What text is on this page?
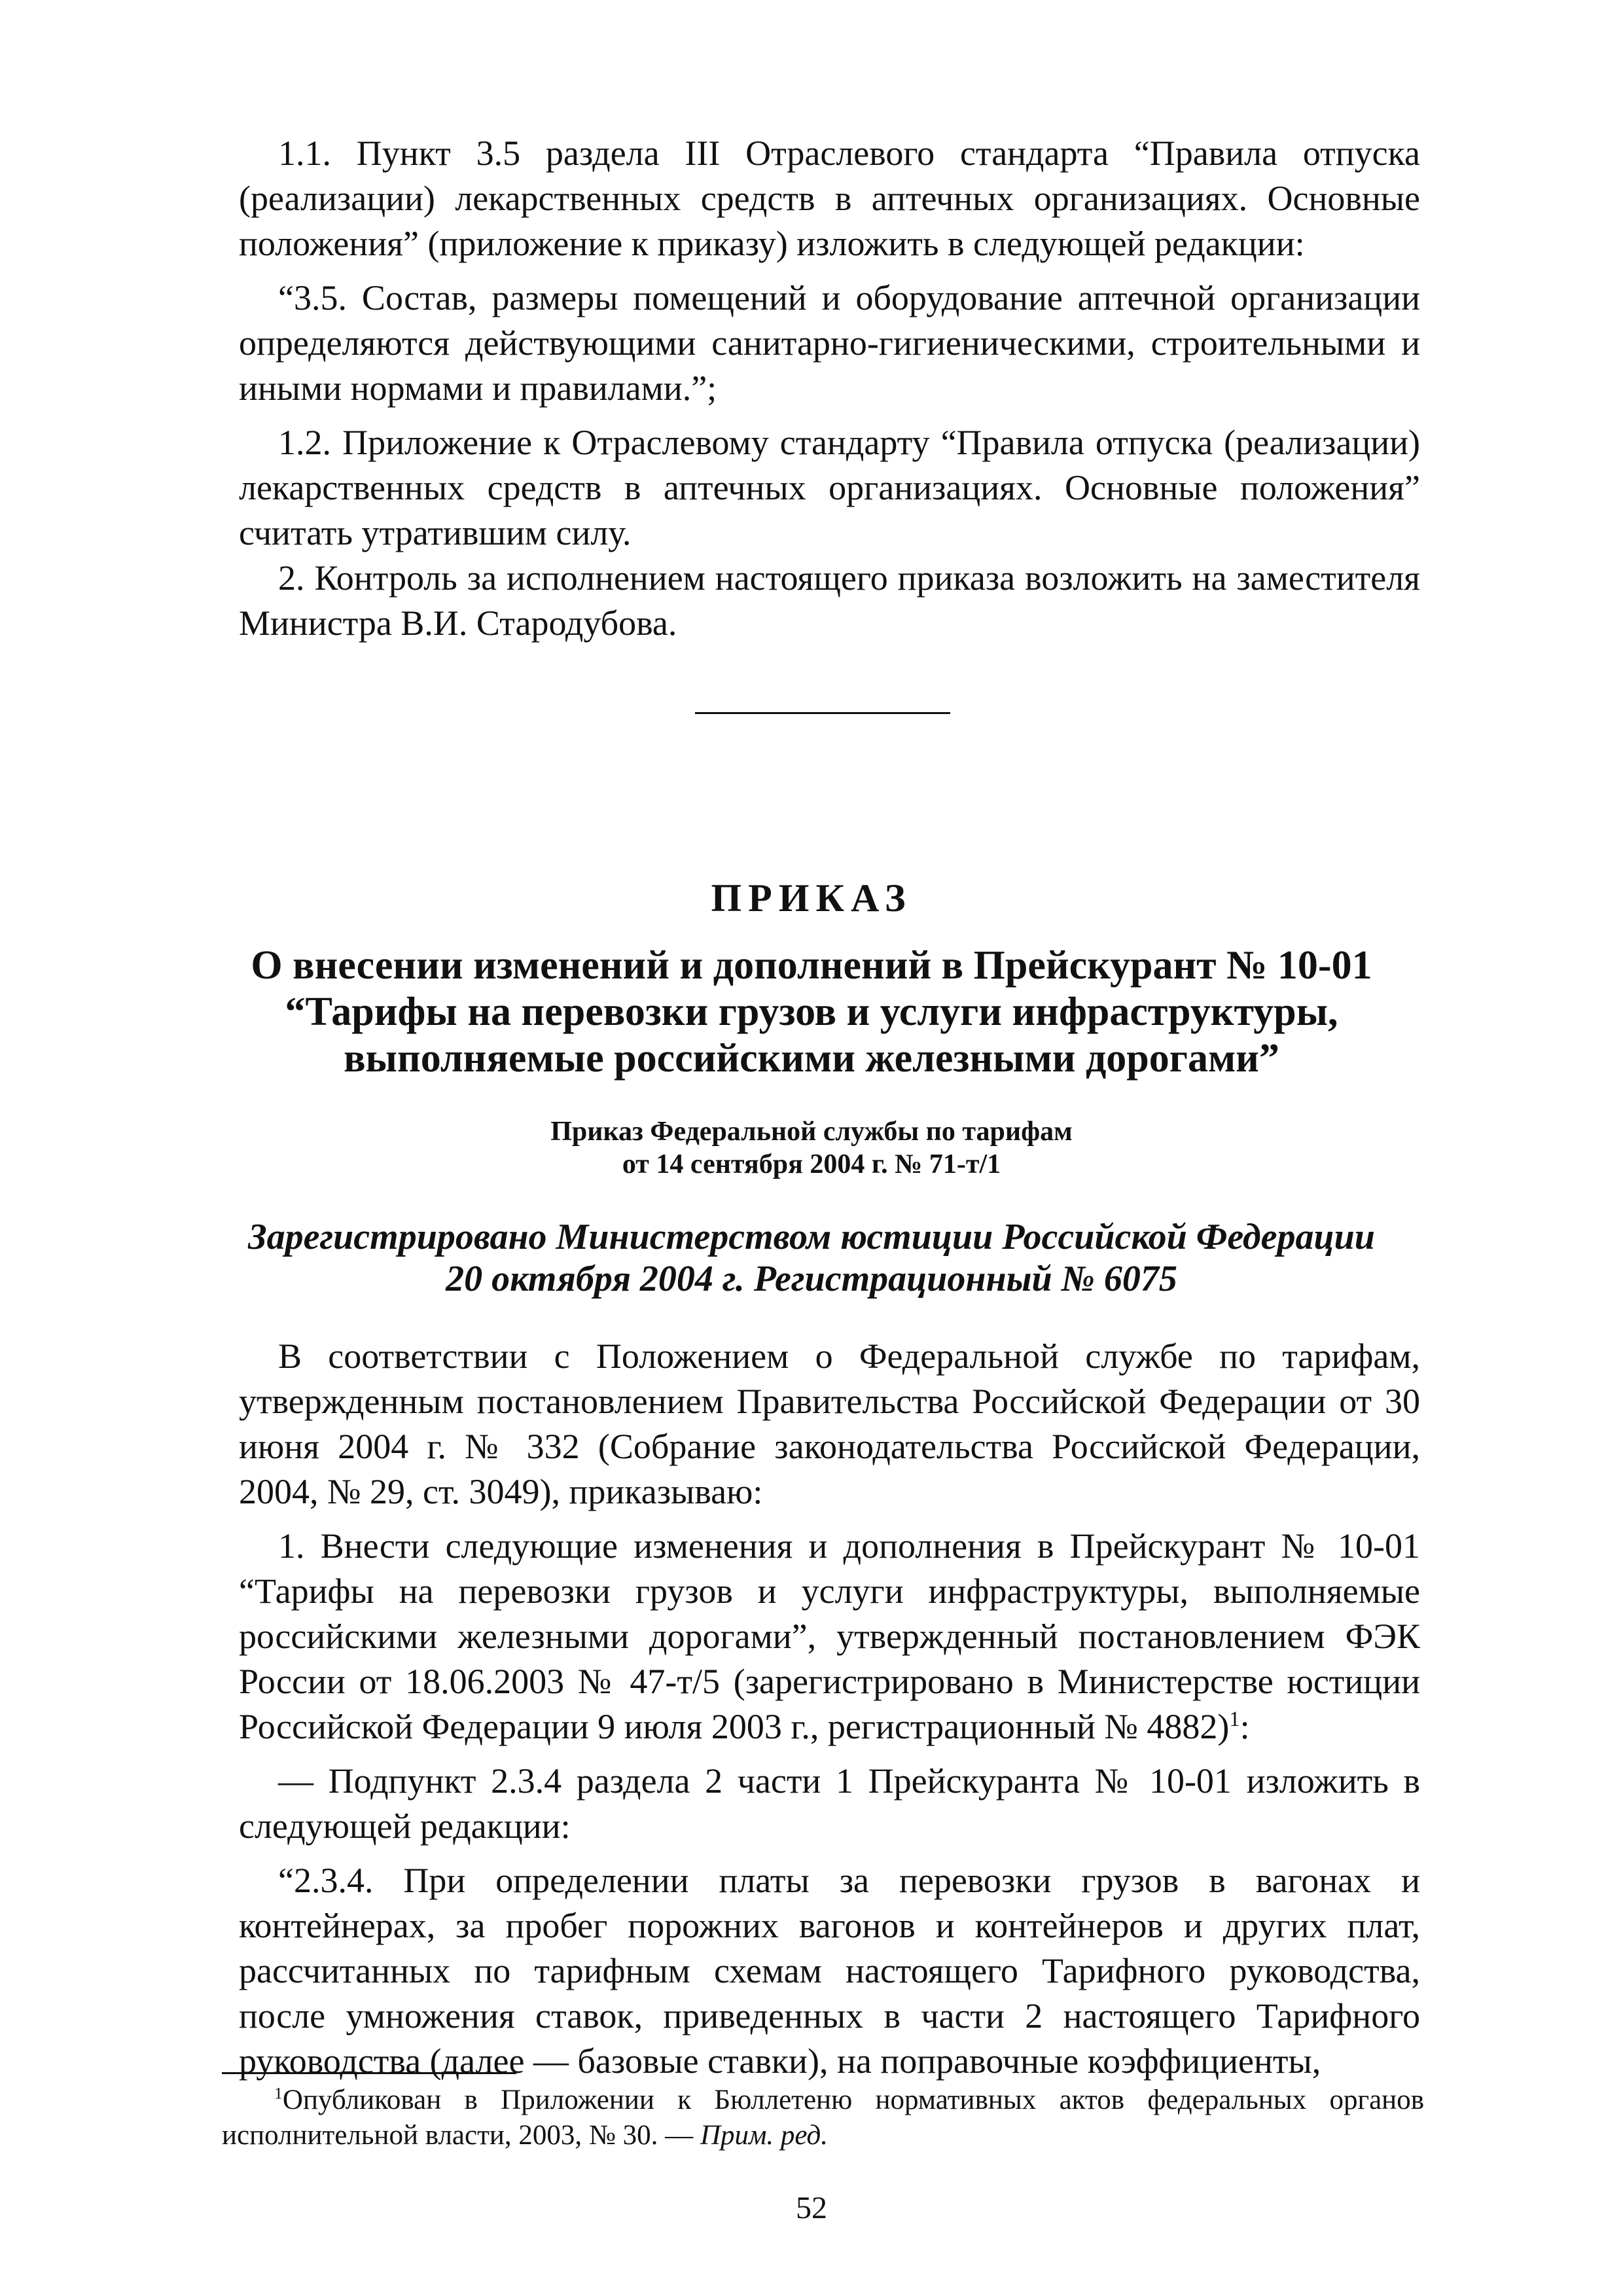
1.1. Пункт 3.5 раздела III Отраслевого стандарта “Правила отпуска (реализации) лекарственных средств в аптечных организациях. Основные положения” (приложение к приказу) изложить в следующей редакции:

“3.5. Состав, размеры помещений и оборудование аптечной организации определяются действующими санитарно-гигиеническими, строительными и иными нормами и правилами.”;

1.2. Приложение к Отраслевому стандарту “Правила отпуска (реализации) лекарственных средств в аптечных организациях. Основные положения” считать утратившим силу.

2. Контроль за исполнением настоящего приказа возложить на заместителя Министра В.И. Стародубова.

ПРИКАЗ
О внесении изменений и дополнений в Прейскурант № 10-01
“Тарифы на перевозки грузов и услуги инфраструктуры,
выполняемые российскими железными дорогами”
Приказ Федеральной службы по тарифам
от 14 сентября 2004 г. № 71-т/1
Зарегистрировано Министерством юстиции Российской Федерации
20 октября 2004 г. Регистрационный № 6075

В соответствии с Положением о Федеральной службе по тарифам, утвержденным постановлением Правительства Российской Федерации от 30 июня 2004 г. № 332 (Собрание законодательства Российской Федерации, 2004, № 29, ст. 3049), приказываю:

1. Внести следующие изменения и дополнения в Прейскурант № 10-01 “Тарифы на перевозки грузов и услуги инфраструктуры, выполняемые российскими железными дорогами”, утвержденный постановлением ФЭК России от 18.06.2003 № 47-т/5 (зарегистрировано в Министерстве юстиции Российской Федерации 9 июля 2003 г., регистрационный № 4882)$^1$:

— Подпункт 2.3.4 раздела 2 части 1 Прейскуранта № 10-01 изложить в следующей редакции:

“2.3.4. При определении платы за перевозки грузов в вагонах и контейнерах, за пробег порожних вагонов и контейнеров и других плат, рассчитанных по тарифным схемам настоящего Тарифного руководства, после умножения ставок, приведенных в части 2 настоящего Тарифного руководства (далее — базовые ставки), на поправочные коэффициенты,

$^1$Опубликован в Приложении к Бюллетеню нормативных актов федеральных органов исполнительной власти, 2003, № 30. — Прим. ред.

52
